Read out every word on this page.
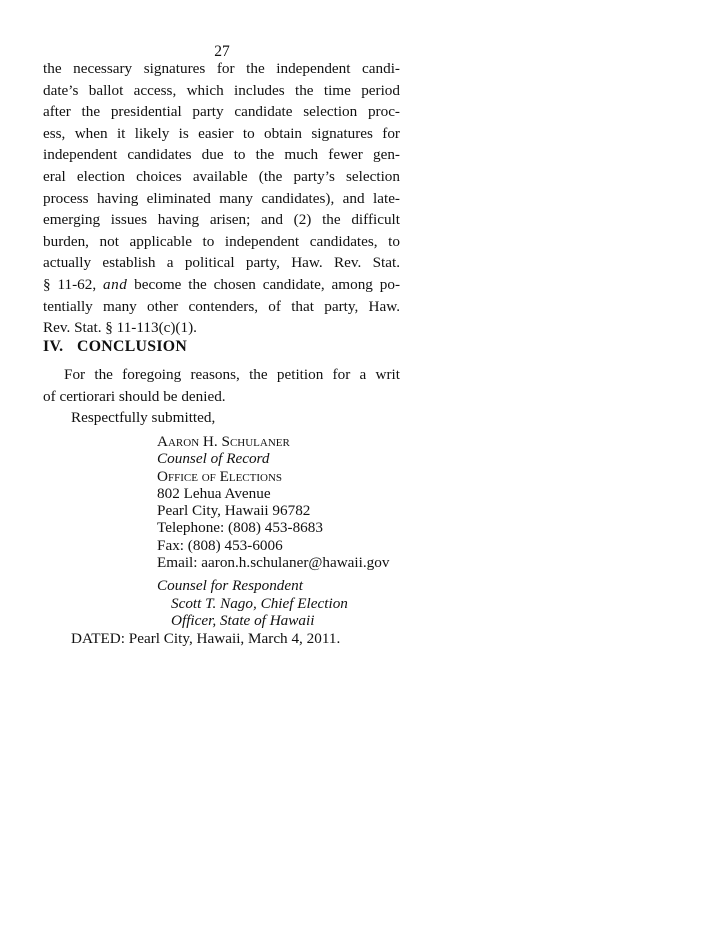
27
the necessary signatures for the independent candi-
date’s ballot access, which includes the time period
after the presidential party candidate selection proc-
ess, when it likely is easier to obtain signatures for
independent candidates due to the much fewer gen-
eral election choices available (the party’s selection
process having eliminated many candidates), and late-
emerging issues having arisen; and (2) the difficult
burden, not applicable to independent candidates, to
actually establish a political party, Haw. Rev. Stat.
§ 11-62, and become the chosen candidate, among po-
tentially many other contenders, of that party, Haw.
Rev. Stat. § 11-113(c)(1).
IV. CONCLUSION
For the foregoing reasons, the petition for a writ
of certiorari should be denied.
Respectfully submitted,
Aaron H. Schulaner
Counsel of Record
Office of Elections
802 Lehua Avenue
Pearl City, Hawaii 96782
Telephone: (808) 453-8683
Fax: (808) 453-6006
Email: aaron.h.schulaner@hawaii.gov
Counsel for Respondent
Scott T. Nago, Chief Election
Officer, State of Hawaii
DATED: Pearl City, Hawaii, March 4, 2011.
